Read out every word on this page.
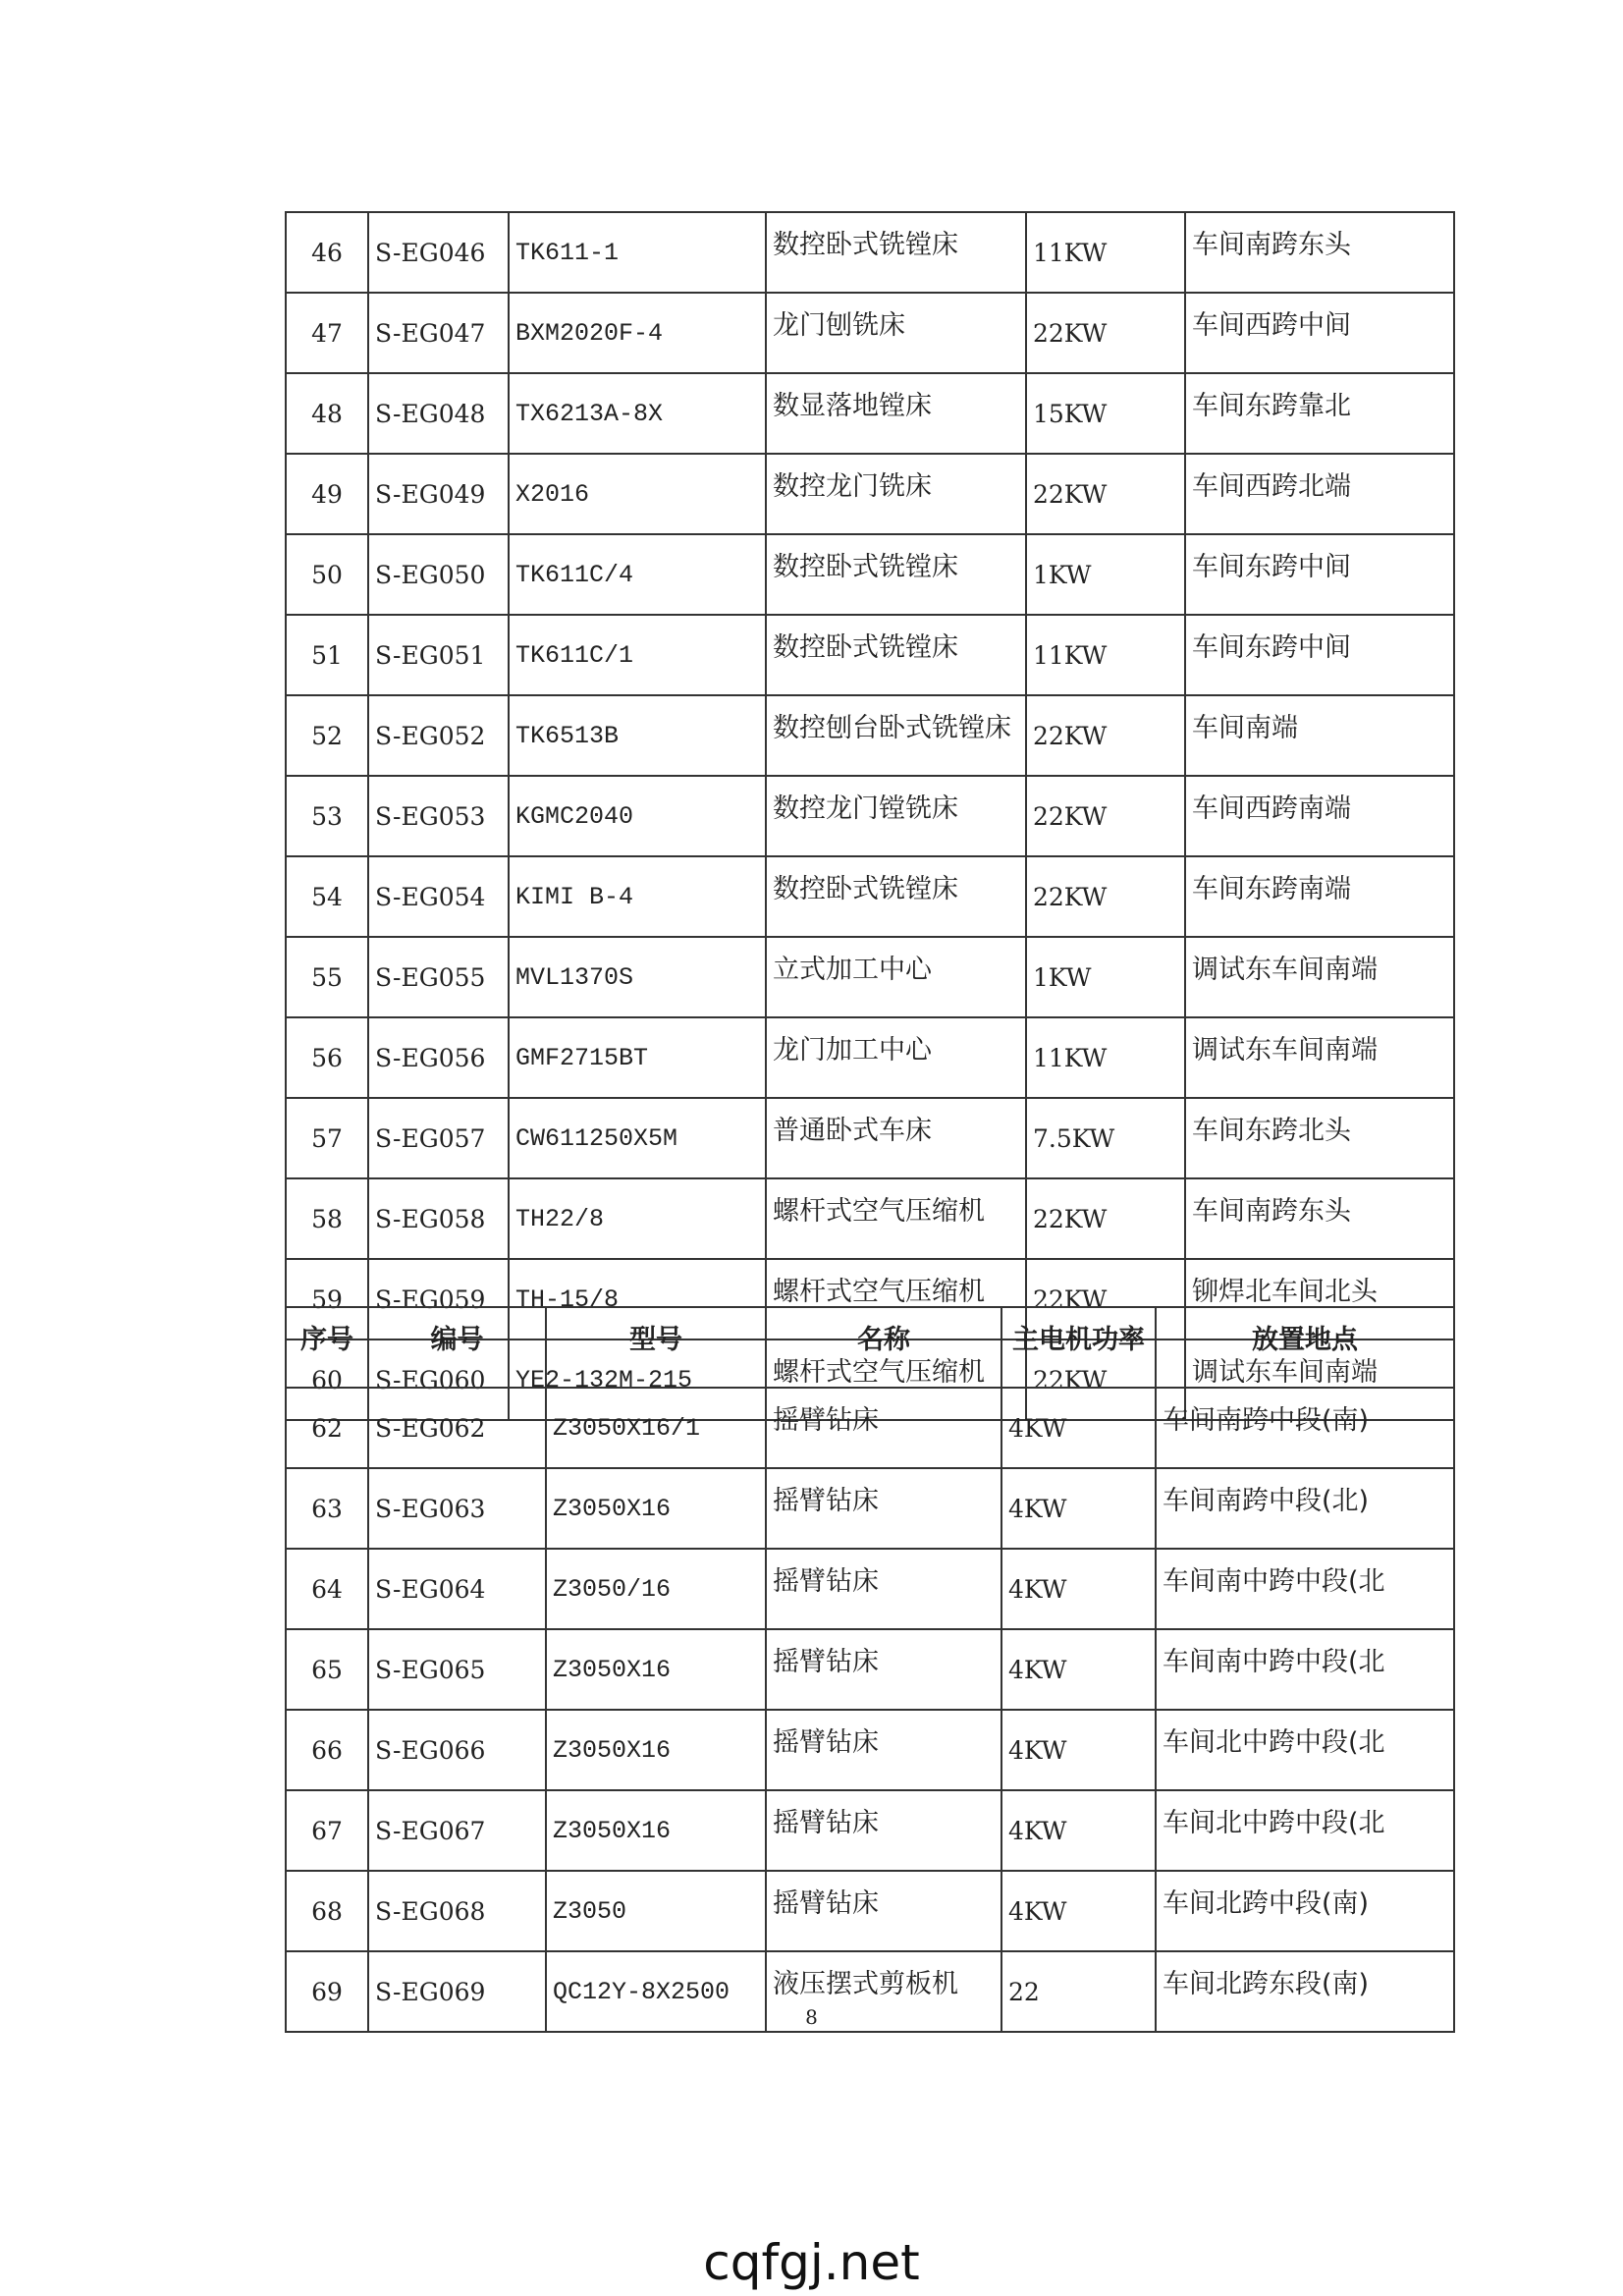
46	S-EG046	TK611-1	数控卧式铣镗床	11KW	车间南跨东头
47	S-EG047	BXM2020F-4	龙门刨铣床	22KW	车间西跨中间
48	S-EG048	TX6213A-8X	数显落地镗床	15KW	车间东跨靠北
49	S-EG049	X2016	数控龙门铣床	22KW	车间西跨北端
50	S-EG050	TK611C/4	数控卧式铣镗床	1KW	车间东跨中间
51	S-EG051	TK611C/1	数控卧式铣镗床	11KW	车间东跨中间
52	S-EG052	TK6513B	数控刨台卧式铣镗床	22KW	车间南端
53	S-EG053	KGMC2040	数控龙门镗铣床	22KW	车间西跨南端
54	S-EG054	KIMI B-4	数控卧式铣镗床	22KW	车间东跨南端
55	S-EG055	MVL1370S	立式加工中心	1KW	调试东车间南端
56	S-EG056	GMF2715BT	龙门加工中心	11KW	调试东车间南端
57	S-EG057	CW611250X5M	普通卧式车床	7.5KW	车间东跨北头
58	S-EG058	TH22/8	螺杆式空气压缩机	22KW	车间南跨东头
59	S-EG059	TH-15/8	螺杆式空气压缩机	22KW	铆焊北车间北头
60	S-EG060	YE2-132M-215	螺杆式空气压缩机	22KW	调试东车间南端
序号	编号	型号	名称	主电机功率	放置地点
62	S-EG062	Z3050X16/1	摇臂钻床	4KW	车间南跨中段(南)
63	S-EG063	Z3050X16	摇臂钻床	4KW	车间南跨中段(北)
64	S-EG064	Z3050/16	摇臂钻床	4KW	车间南中跨中段(北
65	S-EG065	Z3050X16	摇臂钻床	4KW	车间南中跨中段(北
66	S-EG066	Z3050X16	摇臂钻床	4KW	车间北中跨中段(北
67	S-EG067	Z3050X16	摇臂钻床	4KW	车间北中跨中段(北
68	S-EG068	Z3050	摇臂钻床	4KW	车间北跨中段(南)
69	S-EG069	QC12Y-8X2500	液压摆式剪板机	22	车间北跨东段(南)
8
cqfgj.net
